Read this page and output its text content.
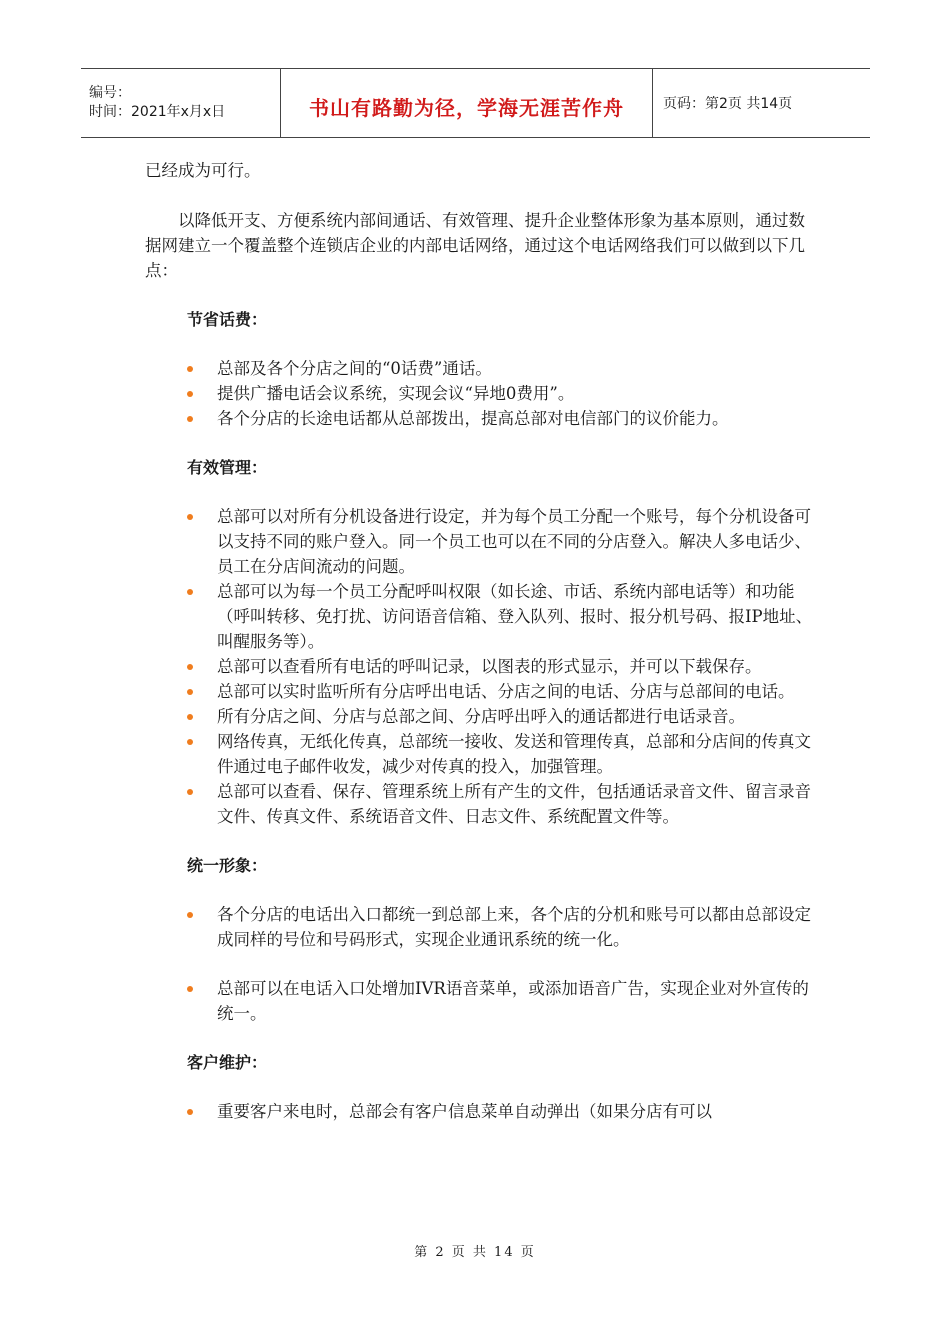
编号：
时间：2021年x月x日	书山有路勤为径，学海无涯苦作舟	页码：第2页 共14页

已经成为可行。

以降低开支、方便系统内部间通话、有效管理、提升企业整体形象为基本原则，通过数据网建立一个覆盖整个连锁店企业的内部电话网络，通过这个电话网络我们可以做到以下几点：

节省话费：
总部及各个分店之间的“0话费”通话。
提供广播电话会议系统，实现会议“异地0费用”。
各个分店的长途电话都从总部拨出，提高总部对电信部门的议价能力。
有效管理：
总部可以对所有分机设备进行设定，并为每个员工分配一个账号，每个分机设备可以支持不同的账户登入。同一个员工也可以在不同的分店登入。解决人多电话少、员工在分店间流动的问题。
总部可以为每一个员工分配呼叫权限（如长途、市话、系统内部电话等）和功能（呼叫转移、免打扰、访问语音信箱、登入队列、报时、报分机号码、报IP地址、叫醒服务等）。
总部可以查看所有电话的呼叫记录，以图表的形式显示，并可以下载保存。
总部可以实时监听所有分店呼出电话、分店之间的电话、分店与总部间的电话。
所有分店之间、分店与总部之间、分店呼出呼入的通话都进行电话录音。
网络传真，无纸化传真，总部统一接收、发送和管理传真，总部和分店间的传真文件通过电子邮件收发，减少对传真的投入，加强管理。
总部可以查看、保存、管理系统上所有产生的文件，包括通话录音文件、留言录音文件、传真文件、系统语音文件、日志文件、系统配置文件等。
统一形象：
各个分店的电话出入口都统一到总部上来，各个店的分机和账号可以都由总部设定成同样的号位和号码形式，实现企业通讯系统的统一化。
总部可以在电话入口处增加IVR语音菜单，或添加语音广告，实现企业对外宣传的统一。
客户维护：
重要客户来电时，总部会有客户信息菜单自动弹出（如果分店有可以
第 2 页 共 14 页
